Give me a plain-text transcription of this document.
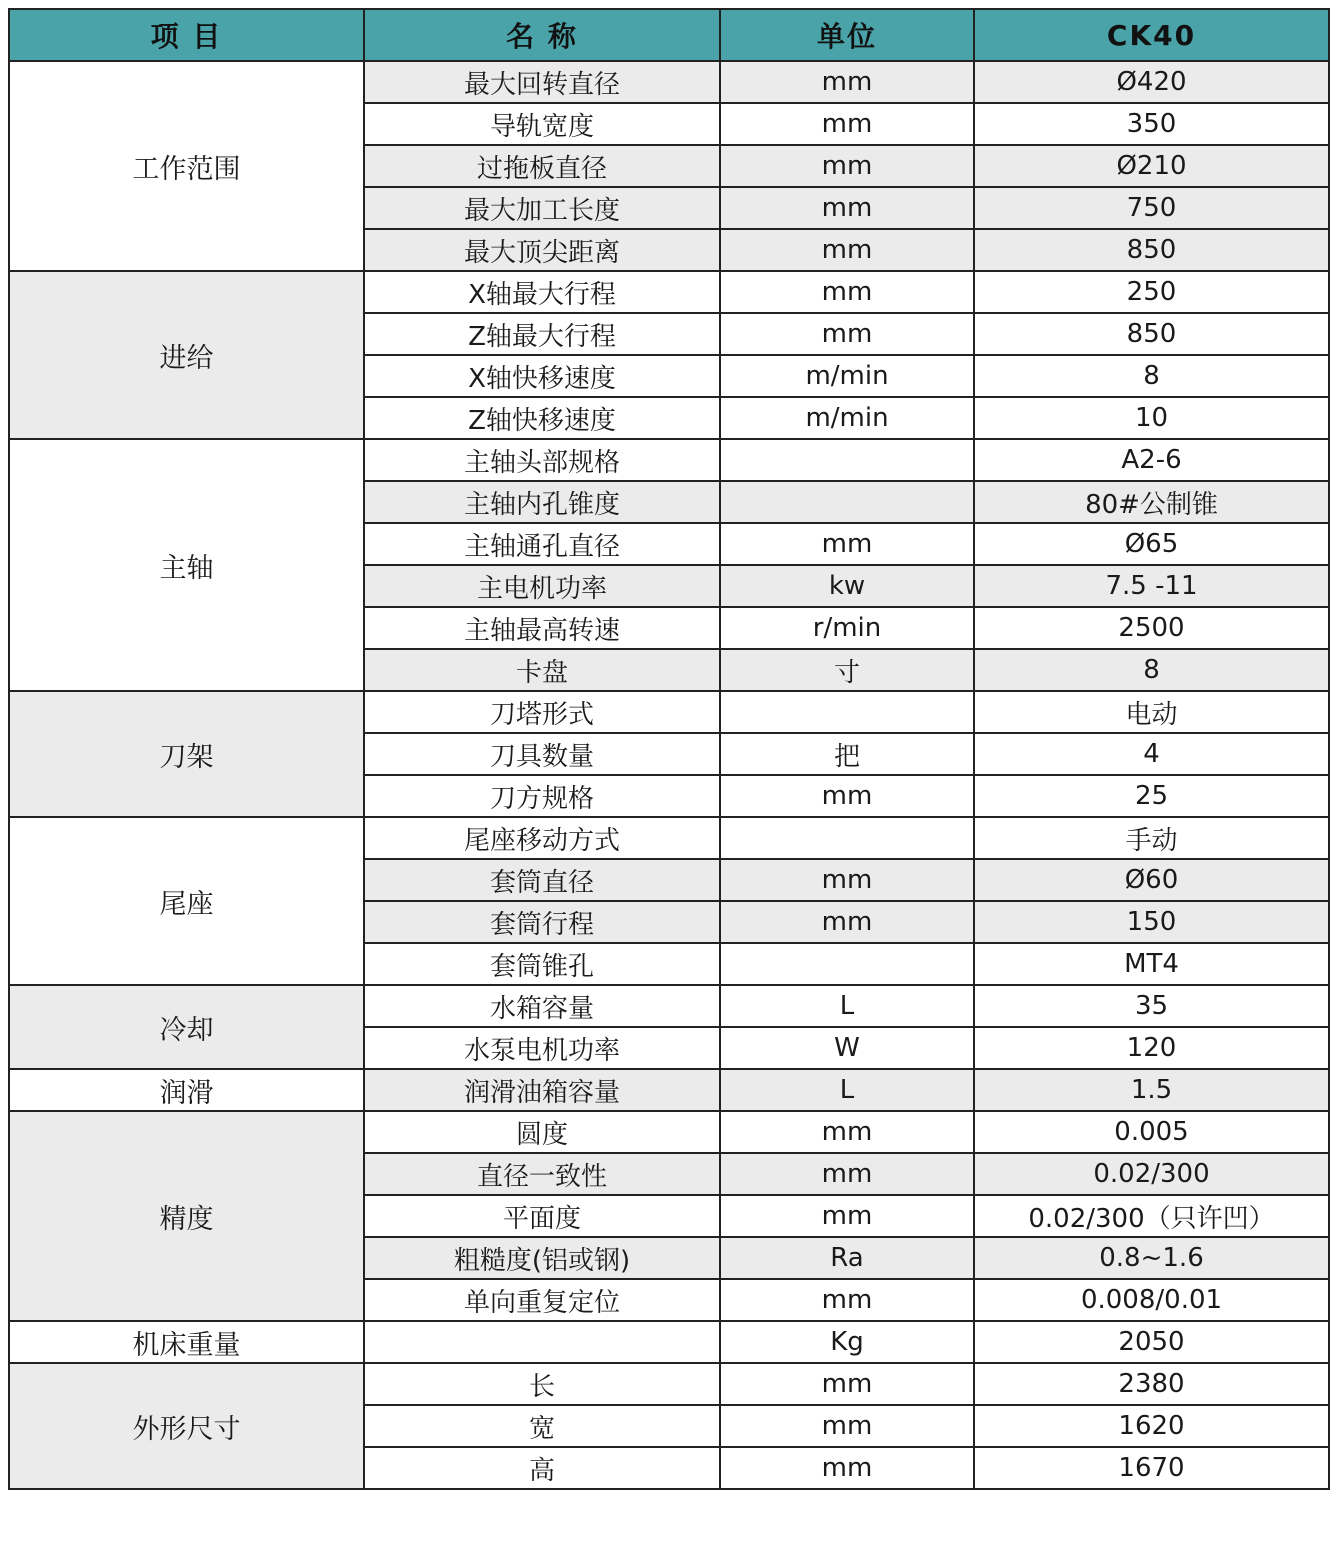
项 目	名 称	单位	CK40
工作范围	最大回转直径	mm	Ø420
	导轨宽度	mm	350
	过拖板直径	mm	Ø210
	最大加工长度	mm	750
	最大顶尖距离	mm	850
进给	X轴最大行程	mm	250
	Z轴最大行程	mm	850
	X轴快移速度	m/min	8
	Z轴快移速度	m/min	10
主轴	主轴头部规格		A2-6
	主轴内孔锥度		80#公制锥
	主轴通孔直径	mm	Ø65
	主电机功率	kw	7.5 -11
	主轴最高转速	r/min	2500
	卡盘	寸	8
刀架	刀塔形式		电动
	刀具数量	把	4
	刀方规格	mm	25
尾座	尾座移动方式		手动
	套筒直径	mm	Ø60
	套筒行程	mm	150
	套筒锥孔		MT4
冷却	水箱容量	L	35
	水泵电机功率	W	120
润滑	润滑油箱容量	L	1.5
精度	圆度	mm	0.005
	直径一致性	mm	0.02/300
	平面度	mm	0.02/300（只许凹）
	粗糙度(铝或钢)	Ra	0.8~1.6
	单向重复定位	mm	0.008/0.01
机床重量		Kg	2050
外形尺寸	长	mm	2380
	宽	mm	1620
	高	mm	1670
